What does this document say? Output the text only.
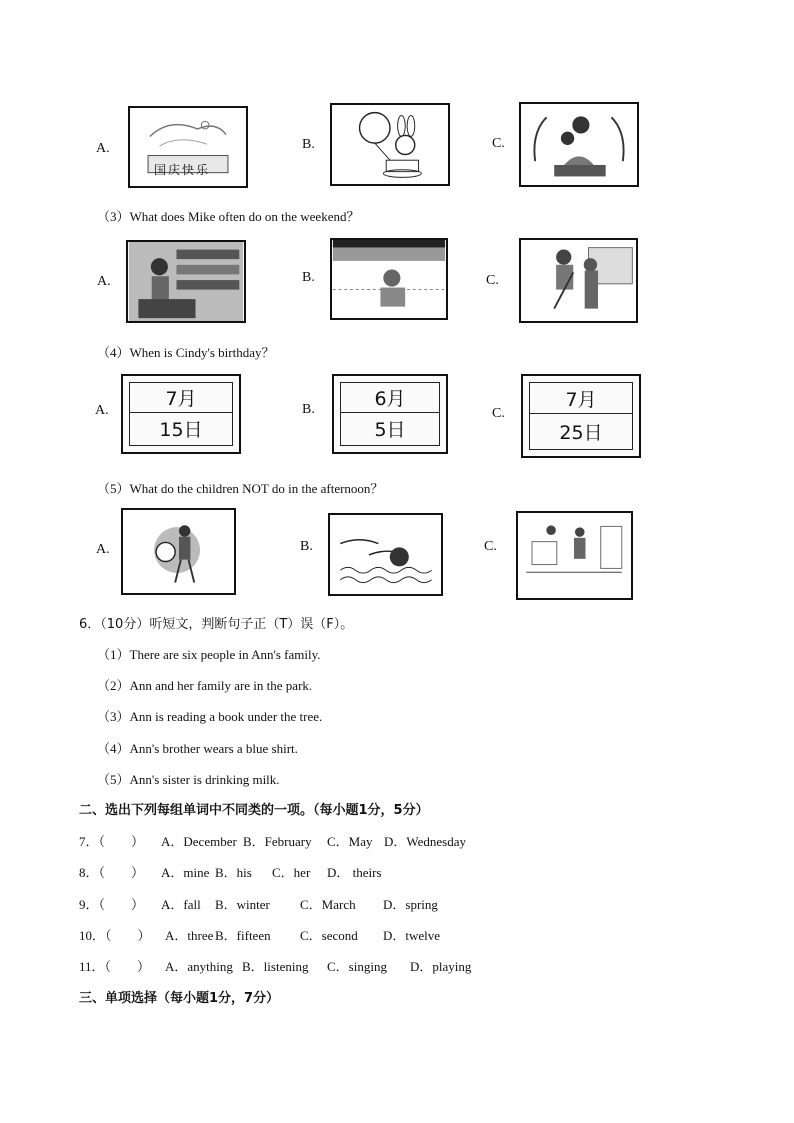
A.
国庆快乐
B.	C.
（3）What does Mike often do on the weekend？
A.	B.	C.
（4）When is Cindy's birthday？
A.
7月
15日
B.	6月
5日
C.
7月
25日
（5）What do the children NOT do in the afternoon？
A.	B.	C.
6．（10分）听短文，判断句子正（T）误（F）。
（1）There are six people in Ann's family.
（2）Ann and her family are in the park.
（3）Ann is reading a book under the tree.
（4）Ann's brother wears a blue shirt.
（5）Ann's sister is drinking milk.
二、选出下列每组单词中不同类的一项。（每小题1分，5分）
7．（　　） A．December B．February C．May D．Wednesday
8．（　　） A．mine B．his C．her D． theirs
9．（　　） A．fall B．winter C．March D．spring
10．（　　） A．three B．fifteen C．second D．twelve
11．（　　） A．anything B．listening C．singing D．playing
三、单项选择（每小题1分，7分）
